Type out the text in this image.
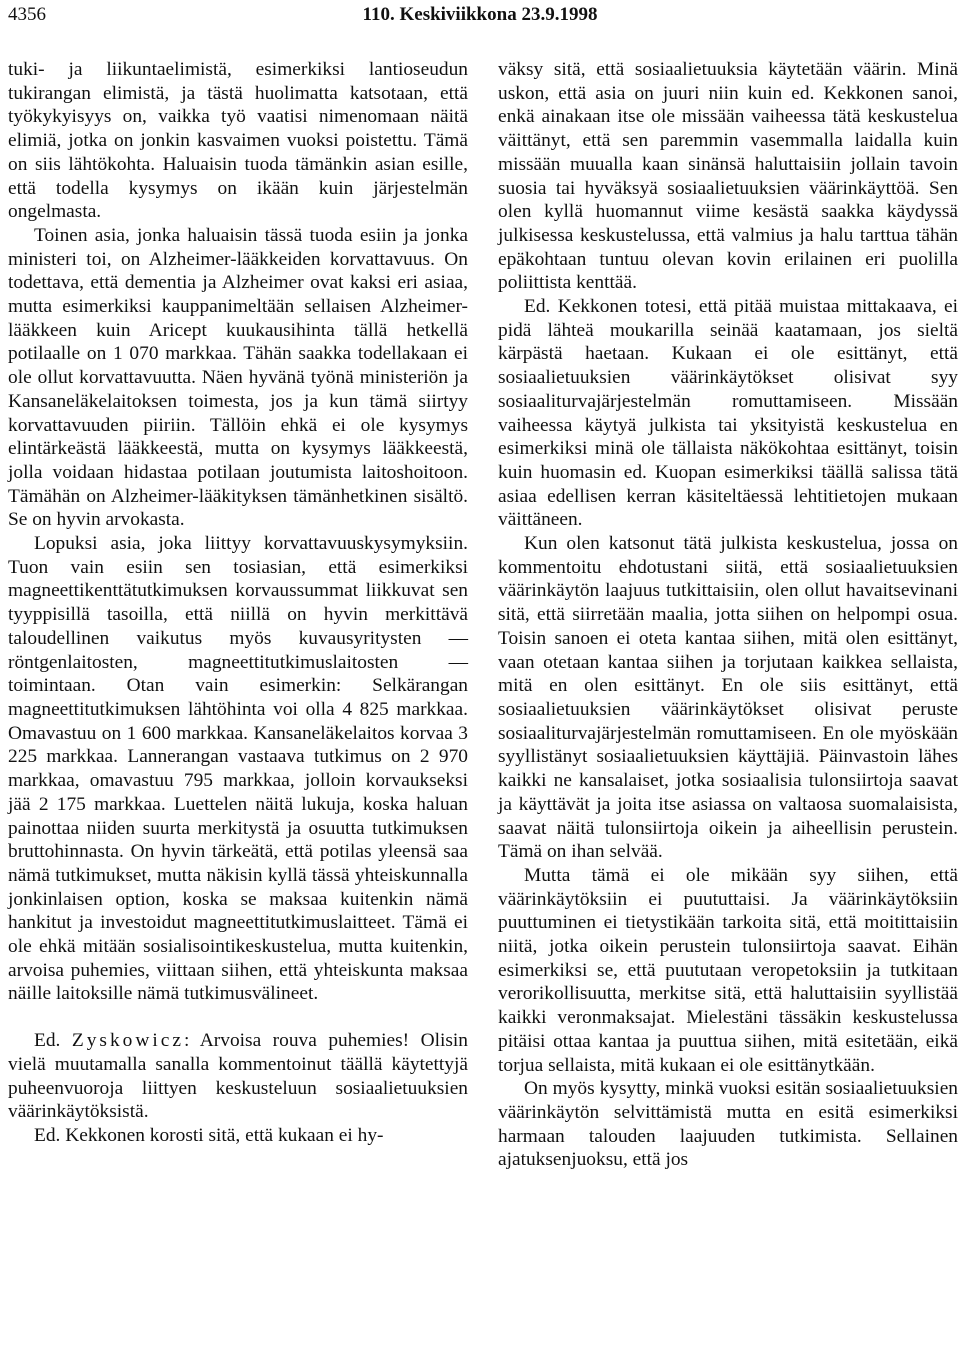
4356	110. Keskiviikkona 23.9.1998

tuki- ja liikuntaelimistä, esimerkiksi lantioseudun tukirangan elimistä, ja tästä huolimatta katsotaan, että työkykyisyys on, vaikka työ vaatisi nimenomaan näitä elimiä, jotka on jonkin kasvaimen vuoksi poistettu. Tämä on siis lähtökohta. Haluaisin tuoda tämänkin asian esille, että todella kysymys on ikään kuin järjestelmän ongelmasta.

Toinen asia, jonka haluaisin tässä tuoda esiin ja jonka ministeri toi, on Alzheimer-lääkkeiden korvattavuus. On todettava, että dementia ja Alzheimer ovat kaksi eri asiaa, mutta esimerkiksi kauppanimeltään sellaisen Alzheimer-lääkkeen kuin Aricept kuukausihinta tällä hetkellä potilaalle on 1 070 markkaa. Tähän saakka todellakaan ei ole ollut korvattavuutta. Näen hyvänä työnä ministeriön ja Kansaneläkelaitoksen toimesta, jos ja kun tämä siirtyy korvattavuuden piiriin. Tällöin ehkä ei ole kysymys elintärkeästä lääkkeestä, mutta on kysymys lääkkeestä, jolla voidaan hidastaa potilaan joutumista laitoshoitoon. Tämähän on Alzheimer-lääkityksen tämänhetkinen sisältö. Se on hyvin arvokasta.

Lopuksi asia, joka liittyy korvattavuuskysymyksiin. Tuon vain esiin sen tosiasian, että esimerkiksi magneettikenttätutkimuksen korvaussummat liikkuvat sen tyyppisillä tasoilla, että niillä on hyvin merkittävä taloudellinen vaikutus myös kuvausyritysten — röntgenlaitosten, magneettitutkimuslaitosten — toimintaan. Otan vain esimerkin: Selkärangan magneettitutkimuksen lähtöhinta voi olla 4 825 markkaa. Omavastuu on 1 600 markkaa. Kansaneläkelaitos korvaa 3 225 markkaa. Lannerangan vastaava tutkimus on 2 970 markkaa, omavastuu 795 markkaa, jolloin korvaukseksi jää 2 175 markkaa. Luettelen näitä lukuja, koska haluan painottaa niiden suurta merkitystä ja osuutta tutkimuksen bruttohinnasta. On hyvin tärkeätä, että potilas yleensä saa nämä tutkimukset, mutta näkisin kyllä tässä yhteiskunnalla jonkinlaisen option, koska se maksaa kuitenkin nämä hankitut ja investoidut magneettitutkimuslaitteet. Tämä ei ole ehkä mitään sosialisointikeskustelua, mutta kuitenkin, arvoisa puhemies, viittaan siihen, että yhteiskunta maksaa näille laitoksille nämä tutkimusvälineet.

Ed. Zyskowicz: Arvoisa rouva puhemies! Olisin vielä muutamalla sanalla kommentoinut täällä käytettyjä puheenvuoroja liittyen keskusteluun sosiaalietuuksien väärinkäytöksistä.

Ed. Kekkonen korosti sitä, että kukaan ei hy-

väksy sitä, että sosiaalietuuksia käytetään väärin. Minä uskon, että asia on juuri niin kuin ed. Kekkonen sanoi, enkä ainakaan itse ole missään vaiheessa tätä keskustelua väittänyt, että sen paremmin vasemmalla laidalla kuin missään muualla kaan sinänsä haluttaisiin jollain tavoin suosia tai hyväksyä sosiaalietuuksien väärinkäyttöä. Sen olen kyllä huomannut viime kesästä saakka käydyssä julkisessa keskustelussa, että valmius ja halu tarttua tähän epäkohtaan tuntuu olevan kovin erilainen eri puolilla poliittista kenttää.

Ed. Kekkonen totesi, että pitää muistaa mittakaava, ei pidä lähteä moukarilla seinää kaatamaan, jos sieltä kärpästä haetaan. Kukaan ei ole esittänyt, että sosiaalietuuksien väärinkäytökset olisivat syy sosiaaliturvajärjestelmän romuttamiseen. Missään vaiheessa käytyä julkista tai yksityistä keskustelua en esimerkiksi minä ole tällaista näkökohtaa esittänyt, toisin kuin huomasin ed. Kuopan esimerkiksi täällä salissa tätä asiaa edellisen kerran käsiteltäessä lehtitietojen mukaan väittäneen.

Kun olen katsonut tätä julkista keskustelua, jossa on kommentoitu ehdotustani siitä, että sosiaalietuuksien väärinkäytön laajuus tutkittaisiin, olen ollut havaitsevinani sitä, että siirretään maalia, jotta siihen on helpompi osua. Toisin sanoen ei oteta kantaa siihen, mitä olen esittänyt, vaan otetaan kantaa siihen ja torjutaan kaikkea sellaista, mitä en olen esittänyt. En ole siis esittänyt, että sosiaalietuuksien väärinkäytökset olisivat peruste sosiaaliturvajärjestelmän romuttamiseen. En ole myöskään syyllistänyt sosiaalietuuksien käyttäjiä. Päinvastoin lähes kaikki ne kansalaiset, jotka sosiaalisia tulonsiirtoja saavat ja käyttävät ja joita itse asiassa on valtaosa suomalaisista, saavat näitä tulonsiirtoja oikein ja aiheellisin perustein. Tämä on ihan selvää.

Mutta tämä ei ole mikään syy siihen, että väärinkäytöksiin ei puututtaisi. Ja väärinkäytöksiin puuttuminen ei tietystikään tarkoita sitä, että moitittaisiin niitä, jotka oikein perustein tulonsiirtoja saavat. Eihän esimerkiksi se, että puututaan veropetoksiin ja tutkitaan verorikollisuutta, merkitse sitä, että haluttaisiin syyllistää kaikki veronmaksajat. Mielestäni tässäkin keskustelussa pitäisi ottaa kantaa ja puuttua siihen, mitä esitetään, eikä torjua sellaista, mitä kukaan ei ole esittänytkään.

On myös kysytty, minkä vuoksi esitän sosiaalietuuksien väärinkäytön selvittämistä mutta en esitä esimerkiksi harmaan talouden laajuuden tutkimista. Sellainen ajatuksenjuoksu, että jos
